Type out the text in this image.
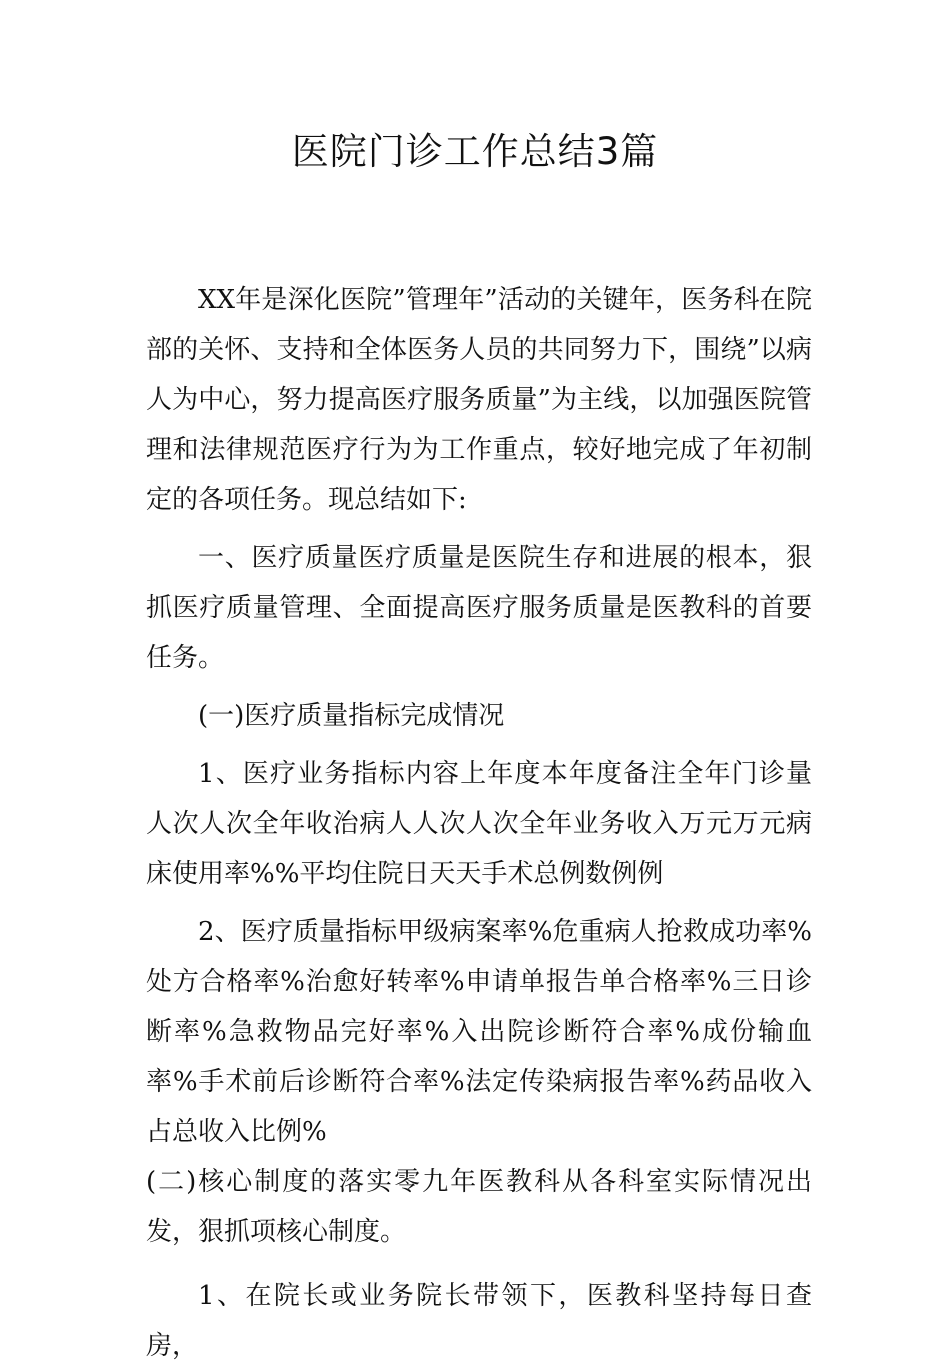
医院门诊工作总结3篇

XX年是深化医院”管理年”活动的关键年，医务科在院部的关怀、支持和全体医务人员的共同努力下，围绕”以病人为中心，努力提高医疗服务质量”为主线，以加强医院管理和法律规范医疗行为为工作重点，较好地完成了年初制定的各项任务。现总结如下:

一、医疗质量医疗质量是医院生存和进展的根本，狠抓医疗质量管理、全面提高医疗服务质量是医教科的首要任务。

(一)医疗质量指标完成情况

1、医疗业务指标内容上年度本年度备注全年门诊量人次人次全年收治病人人次人次全年业务收入万元万元病床使用率%%平均住院日天天手术总例数例例

2、医疗质量指标甲级病案率%危重病人抢救成功率%处方合格率%治愈好转率%申请单报告单合格率%三日诊断率%急救物品完好率%入出院诊断符合率%成份输血率%手术前后诊断符合率%法定传染病报告率%药品收入占总收入比例%

(二)核心制度的落实零九年医教科从各科室实际情况出发，狠抓项核心制度。

1、在院长或业务院长带领下，医教科坚持每日查房，
